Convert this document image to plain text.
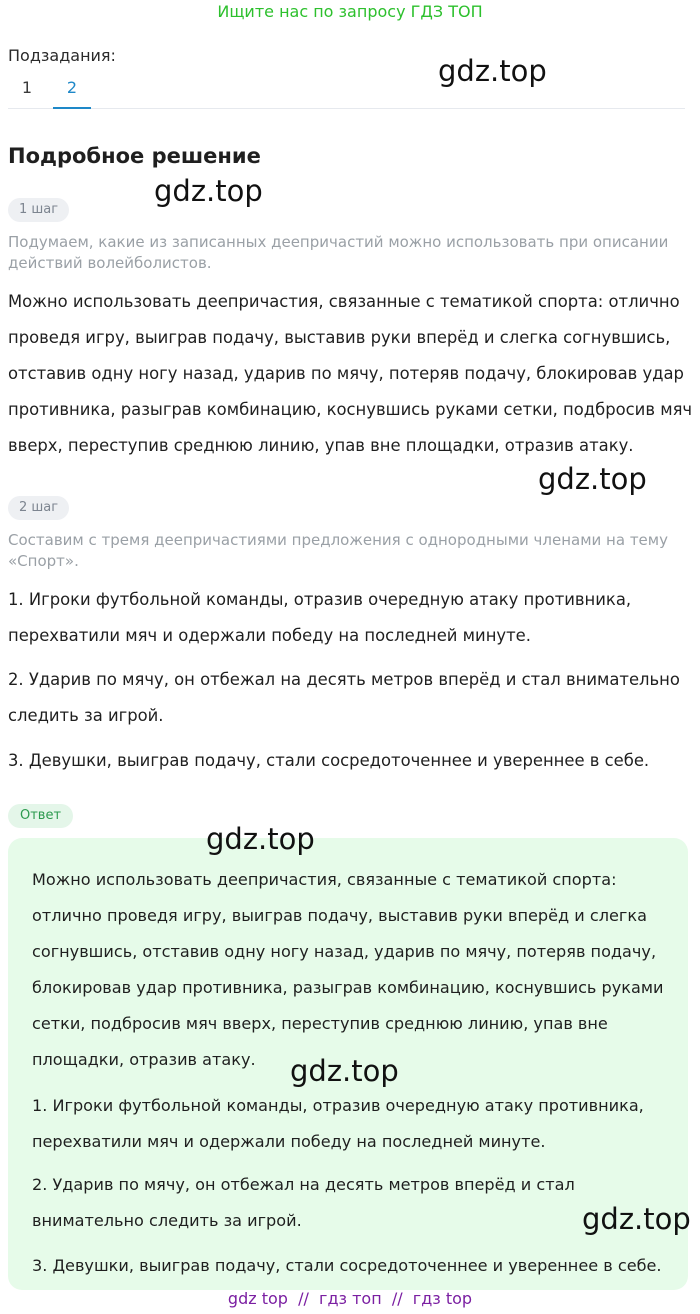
Ищите нас по запросу ГДЗ ТОП
Подзадания:
1	2	gdz.top
Подробное решение
gdz.top
1 шаг
Подумаем, какие из записанных деепричастий можно использовать при описании действий волейболистов.
Можно использовать деепричастия, связанные с тематикой спорта: отлично проведя игру, выиграв подачу, выставив руки вперёд и слегка согнувшись, отставив одну ногу назад, ударив по мячу, потеряв подачу, блокировав удар противника, разыграв комбинацию, коснувшись руками сетки, подбросив мяч вверх, переступив среднюю линию, упав вне площадки, отразив атаку.
gdz.top
2 шаг
Составим с тремя деепричастиями предложения с однородными членами на тему «Спорт».
1. Игроки футбольной команды, отразив очередную атаку противника, перехватили мяч и одержали победу на последней минуте.
2. Ударив по мячу, он отбежал на десять метров вперёд и стал внимательно следить за игрой.
3. Девушки, выиграв подачу, стали сосредоточеннее и увереннее в себе.
Ответ
gdz.top
Можно использовать деепричастия, связанные с тематикой спорта: отлично проведя игру, выиграв подачу, выставив руки вперёд и слегка согнувшись, отставив одну ногу назад, ударив по мячу, потеряв подачу, блокировав удар противника, разыграв комбинацию, коснувшись руками сетки, подбросив мяч вверх, переступив среднюю линию, упав вне площадки, отразив атаку.	gdz.top
1. Игроки футбольной команды, отразив очередную атаку противника, перехватили мяч и одержали победу на последней минуте.
2. Ударив по мячу, он отбежал на десять метров вперёд и стал внимательно следить за игрой.	gdz.top
3. Девушки, выиграв подачу, стали сосредоточеннее и увереннее в себе.
gdz top  //  гдз топ  //  гдз top
